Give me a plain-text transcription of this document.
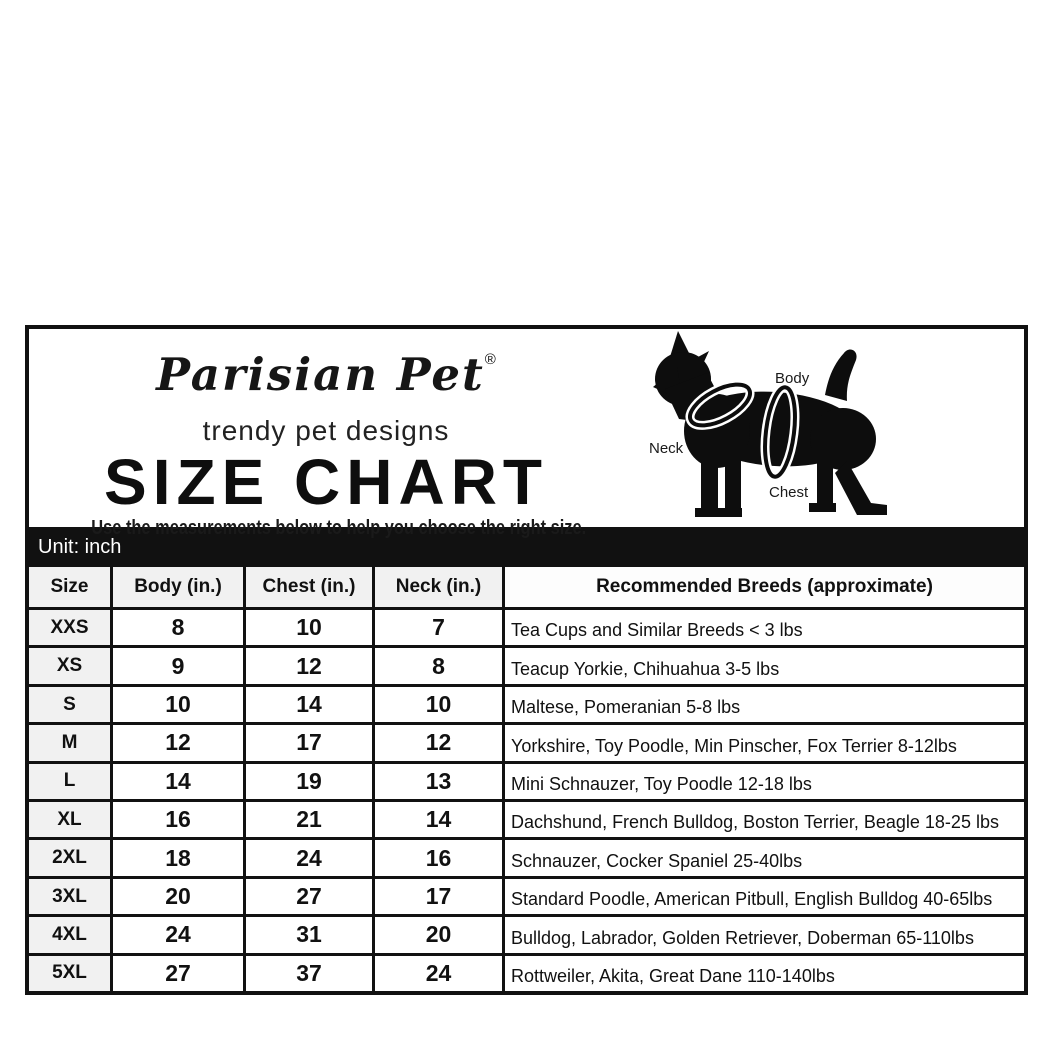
Parisian Pet®
trendy pet designs
SIZE CHART
Use the measurements below to help you choose the right size.
Body
Neck
Chest
Unit: inch
Size	Body (in.)	Chest (in.)	Neck (in.)	Recommended Breeds (approximate)
XXS	8	10	7	Tea Cups and Similar Breeds < 3 lbs
XS	9	12	8	Teacup Yorkie, Chihuahua 3-5 lbs
S	10	14	10	Maltese, Pomeranian 5-8 lbs
M	12	17	12	Yorkshire, Toy Poodle, Min Pinscher, Fox Terrier 8-12lbs
L	14	19	13	Mini Schnauzer, Toy Poodle 12-18 lbs
XL	16	21	14	Dachshund, French Bulldog, Boston Terrier, Beagle 18-25 lbs
2XL	18	24	16	Schnauzer, Cocker Spaniel 25-40lbs
3XL	20	27	17	Standard Poodle, American Pitbull, English Bulldog 40-65lbs
4XL	24	31	20	Bulldog, Labrador, Golden Retriever, Doberman 65-110lbs
5XL	27	37	24	Rottweiler, Akita, Great Dane 110-140lbs
